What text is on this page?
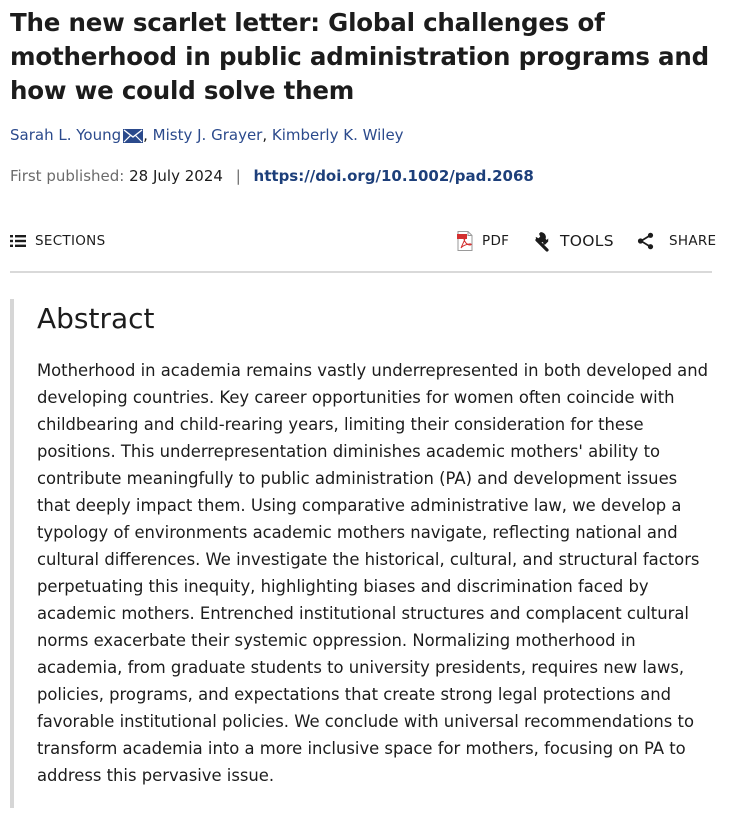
The new scarlet letter: Global challenges of motherhood in public administration programs and how we could solve them
Sarah L. Young , Misty J. Grayer, Kimberly K. Wiley
First published: 28 July 2024 | https://doi.org/10.1002/pad.2068
SECTIONS	PDF	TOOLS	SHARE
Abstract

Motherhood in academia remains vastly underrepresented in both developed and developing countries. Key career opportunities for women often coincide with childbearing and child-rearing years, limiting their consideration for these positions. This underrepresentation diminishes academic mothers' ability to contribute meaningfully to public administration (PA) and development issues that deeply impact them. Using comparative administrative law, we develop a typology of environments academic mothers navigate, reflecting national and cultural differences. We investigate the historical, cultural, and structural factors perpetuating this inequity, highlighting biases and discrimination faced by academic mothers. Entrenched institutional structures and complacent cultural norms exacerbate their systemic oppression. Normalizing motherhood in academia, from graduate students to university presidents, requires new laws, policies, programs, and expectations that create strong legal protections and favorable institutional policies. We conclude with universal recommendations to transform academia into a more inclusive space for mothers, focusing on PA to address this pervasive issue.
